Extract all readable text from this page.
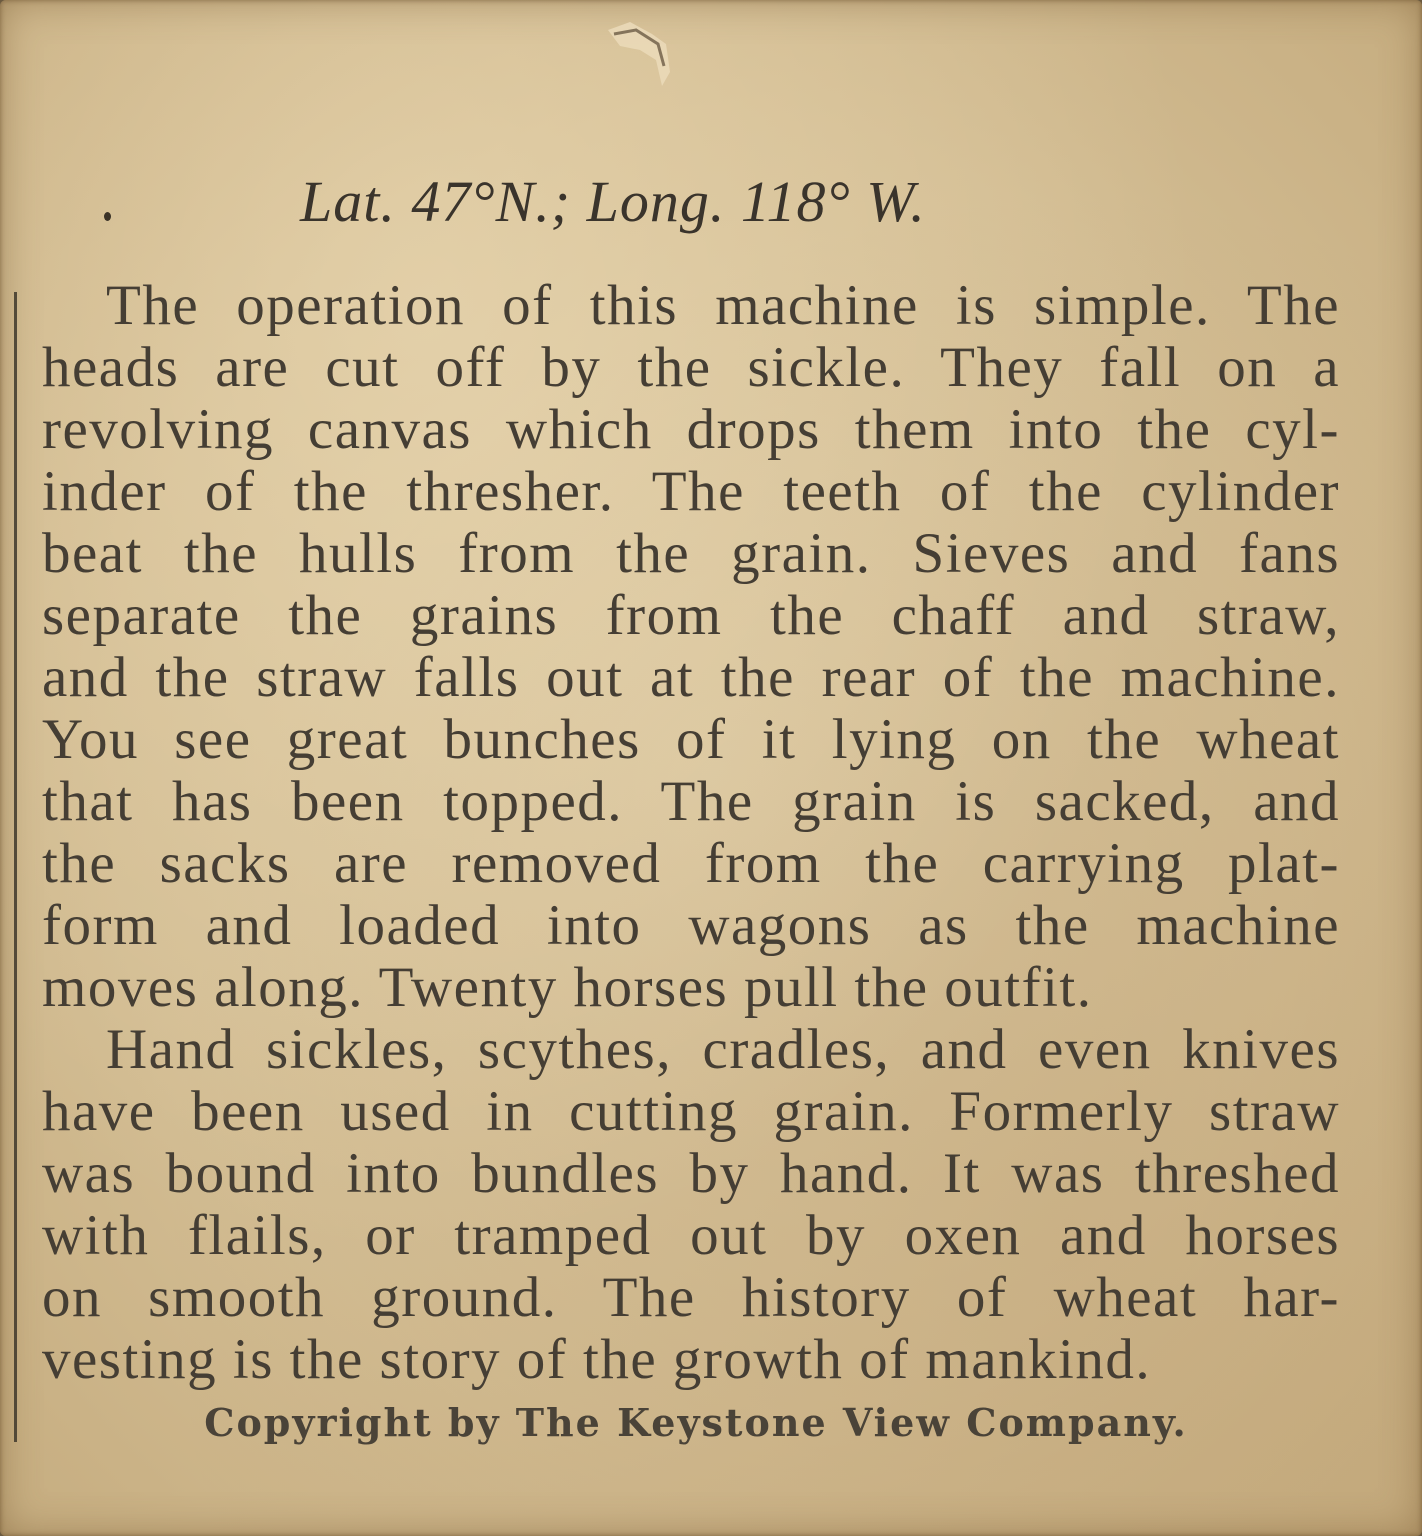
Lat. 47°N.; Long. 118° W.
The operation of this machine is simple. The
heads are cut off by the sickle. They fall on a
revolving canvas which drops them into the cyl-
inder of the thresher. The teeth of the cylinder
beat the hulls from the grain. Sieves and fans
separate the grains from the chaff and straw,
and the straw falls out at the rear of the machine.
You see great bunches of it lying on the wheat
that has been topped. The grain is sacked, and
the sacks are removed from the carrying plat-
form and loaded into wagons as the machine
moves along. Twenty horses pull the outfit.
Hand sickles, scythes, cradles, and even knives
have been used in cutting grain. Formerly straw
was bound into bundles by hand. It was threshed
with flails, or tramped out by oxen and horses
on smooth ground. The history of wheat har-
vesting is the story of the growth of mankind.
Copyright by The Keystone View Company.
